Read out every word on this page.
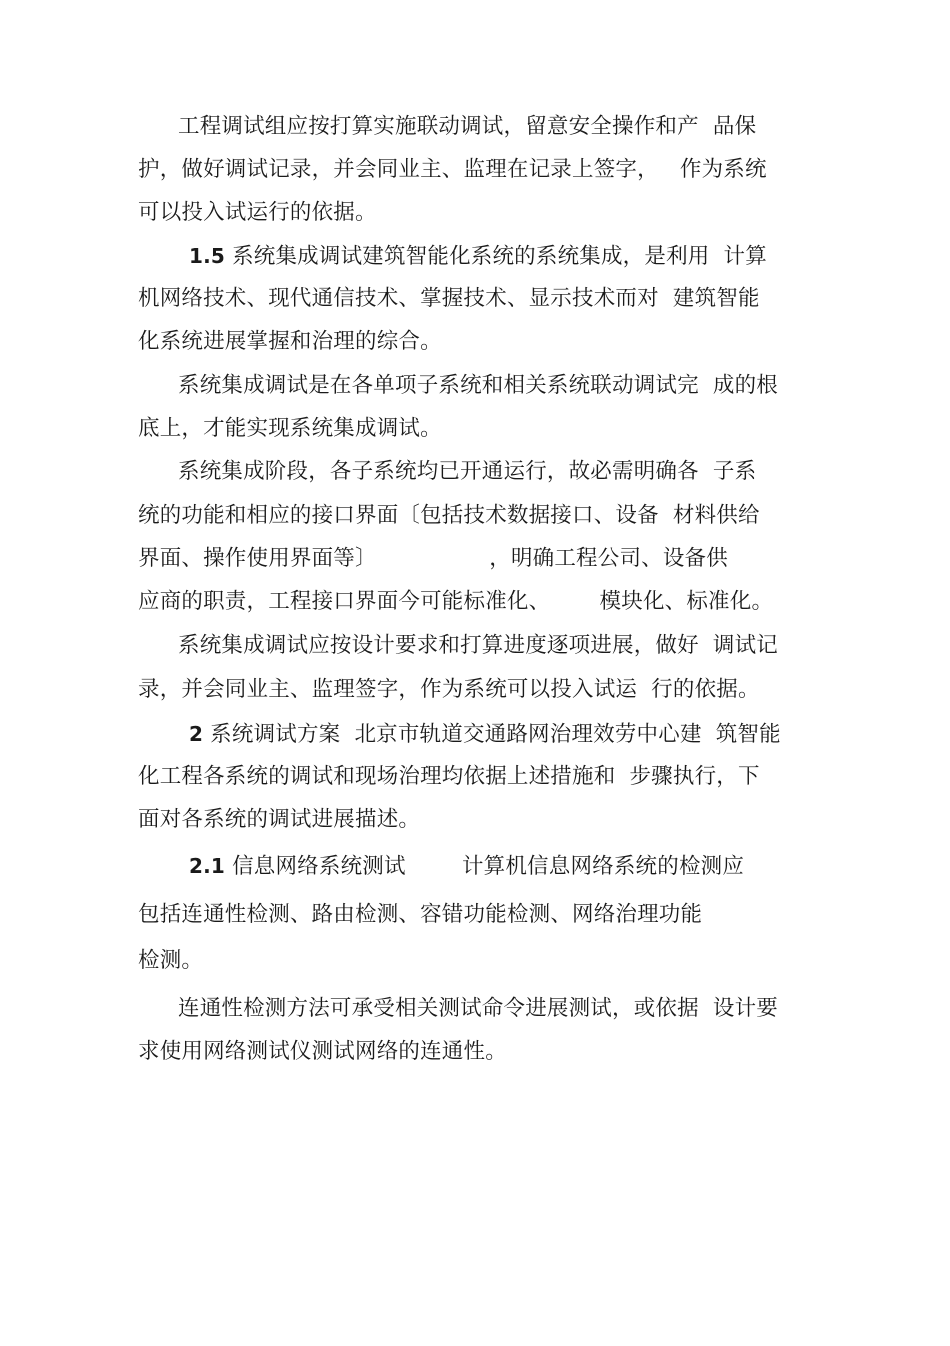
工程调试组应按打算实施联动调试，留意安全操作和产  品保
护，做好调试记录，并会同业主、监理在记录上签字，   作为系统
可以投入试运行的依据。
1.5 系统集成调试建筑智能化系统的系统集成，是利用  计算
机网络技术、现代通信技术、掌握技术、显示技术而对  建筑智能
化系统进展掌握和治理的综合。
系统集成调试是在各单项子系统和相关系统联动调试完  成的根
底上，才能实现系统集成调试。
系统集成阶段，各子系统均已开通运行，故必需明确各  子系
统的功能和相应的接口界面〔包括技术数据接口、设备  材料供给
界面、操作使用界面等〕                ，明确工程公司、设备供
应商的职责，工程接口界面今可能标准化、       模块化、标准化。
系统集成调试应按设计要求和打算进度逐项进展，做好  调试记
录，并会同业主、监理签字，作为系统可以投入试运  行的依据。
2 系统调试方案  北京市轨道交通路网治理效劳中心建  筑智能
化工程各系统的调试和现场治理均依据上述措施和  步骤执行，下
面对各系统的调试进展描述。
2.1 信息网络系统测试        计算机信息网络系统的检测应
包括连通性检测、路由检测、容错功能检测、网络治理功能
检测。
连通性检测方法可承受相关测试命令进展测试，或依据  设计要
求使用网络测试仪测试网络的连通性。
